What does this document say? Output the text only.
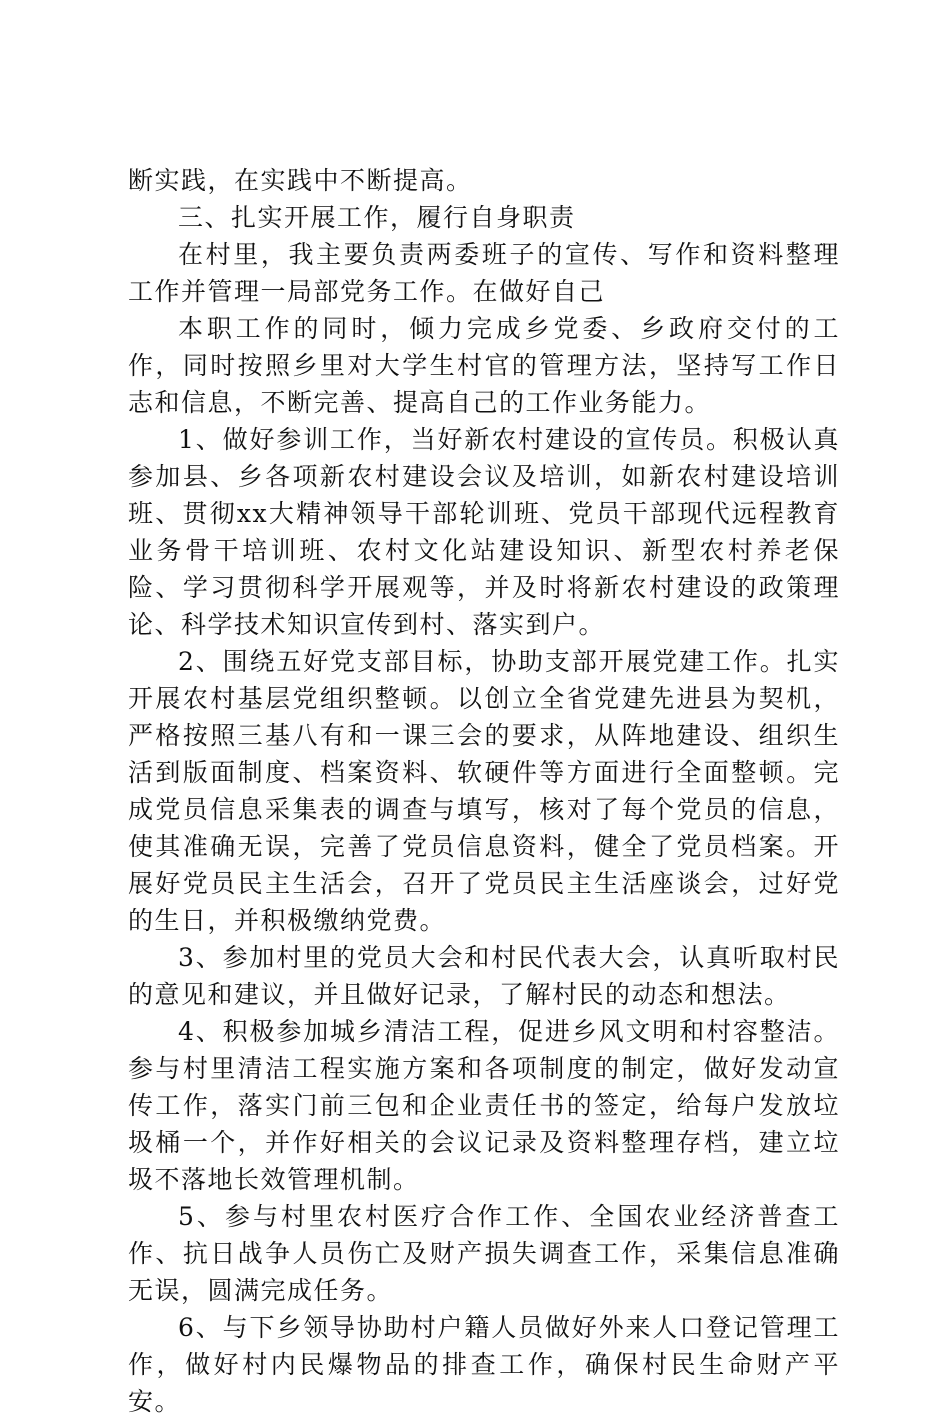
断实践，在实践中不断提高。

三、扎实开展工作，履行自身职责

在村里，我主要负责两委班子的宣传、写作和资料整理工作并管理一局部党务工作。在做好自己

本职工作的同时，倾力完成乡党委、乡政府交付的工作，同时按照乡里对大学生村官的管理方法，坚持写工作日志和信息，不断完善、提高自己的工作业务能力。

1、做好参训工作，当好新农村建设的宣传员。积极认真参加县、乡各项新农村建设会议及培训，如新农村建设培训班、贯彻xx大精神领导干部轮训班、党员干部现代远程教育业务骨干培训班、农村文化站建设知识、新型农村养老保险、学习贯彻科学开展观等，并及时将新农村建设的政策理论、科学技术知识宣传到村、落实到户。

2、围绕五好党支部目标，协助支部开展党建工作。扎实开展农村基层党组织整顿。以创立全省党建先进县为契机，严格按照三基八有和一课三会的要求，从阵地建设、组织生活到版面制度、档案资料、软硬件等方面进行全面整顿。完成党员信息采集表的调查与填写，核对了每个党员的信息，使其准确无误，完善了党员信息资料，健全了党员档案。开展好党员民主生活会，召开了党员民主生活座谈会，过好党的生日，并积极缴纳党费。

3、参加村里的党员大会和村民代表大会，认真听取村民的意见和建议，并且做好记录，了解村民的动态和想法。

4、积极参加城乡清洁工程，促进乡风文明和村容整洁。参与村里清洁工程实施方案和各项制度的制定，做好发动宣传工作，落实门前三包和企业责任书的签定，给每户发放垃圾桶一个，并作好相关的会议记录及资料整理存档，建立垃圾不落地长效管理机制。

5、参与村里农村医疗合作工作、全国农业经济普查工作、抗日战争人员伤亡及财产损失调查工作，采集信息准确无误，圆满完成任务。

6、与下乡领导协助村户籍人员做好外来人口登记管理工作，做好村内民爆物品的排查工作，确保村民生命财产平安。
